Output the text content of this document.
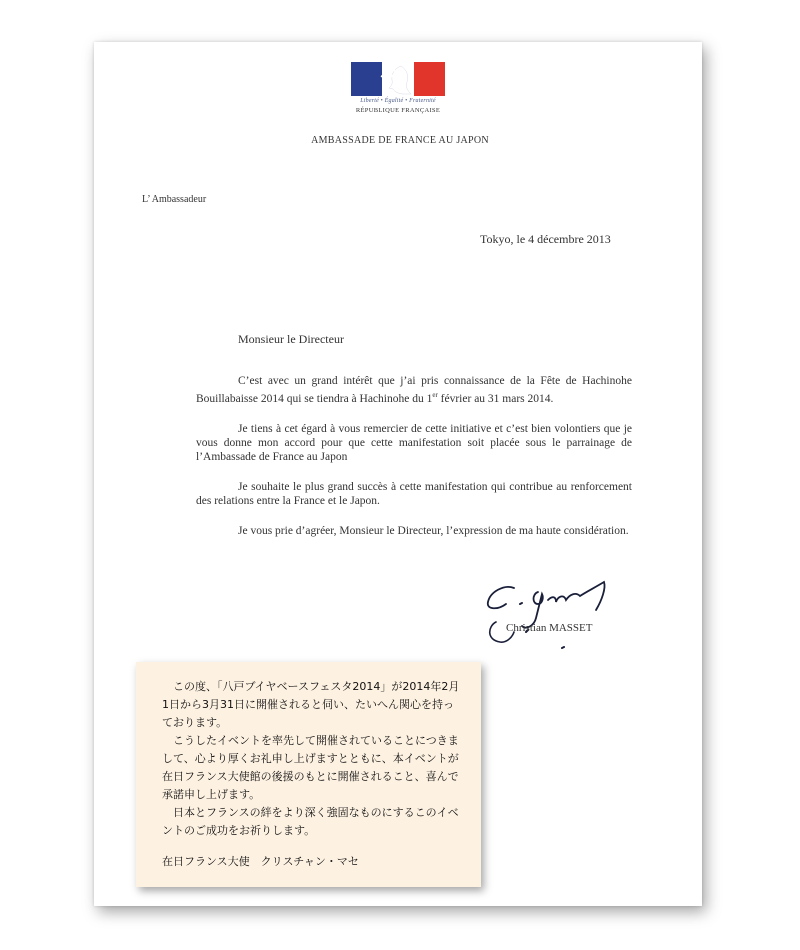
Liberté • Égalité • Fraternité
RÉPUBLIQUE FRANÇAISE
AMBASSADE DE FRANCE AU JAPON
L’ Ambassadeur
Tokyo, le 4 décembre 2013
Monsieur le Directeur

C’est avec un grand intérêt que j’ai pris connaissance de la Fête de Hachinohe Bouillabaisse 2014 qui se tiendra à Hachinohe du 1er février au 31 mars 2014.

Je tiens à cet égard à vous remercier de cette initiative et c’est bien volontiers que je vous donne mon accord pour que cette manifestation soit placée sous le parrainage de l’Ambassade de France au Japon

Je souhaite le plus grand succès à cette manifestation qui contribue au renforcement des relations entre la France et le Japon.

Je vous prie d’agréer, Monsieur le Directeur, l’expression de ma haute considération.

Christian MASSET

この度、「八戸ブイヤベースフェスタ2014」が2014年2月1日から3月31日に開催されると伺い、たいへん関心を持っております。

こうしたイベントを率先して開催されていることにつきまして、心より厚くお礼申し上げますとともに、本イベントが在日フランス大使館の後援のもとに開催されること、喜んで承諾申し上げます。

日本とフランスの絆をより深く強固なものにするこのイベントのご成功をお祈りします。

在日フランス大使　クリスチャン・マセ
